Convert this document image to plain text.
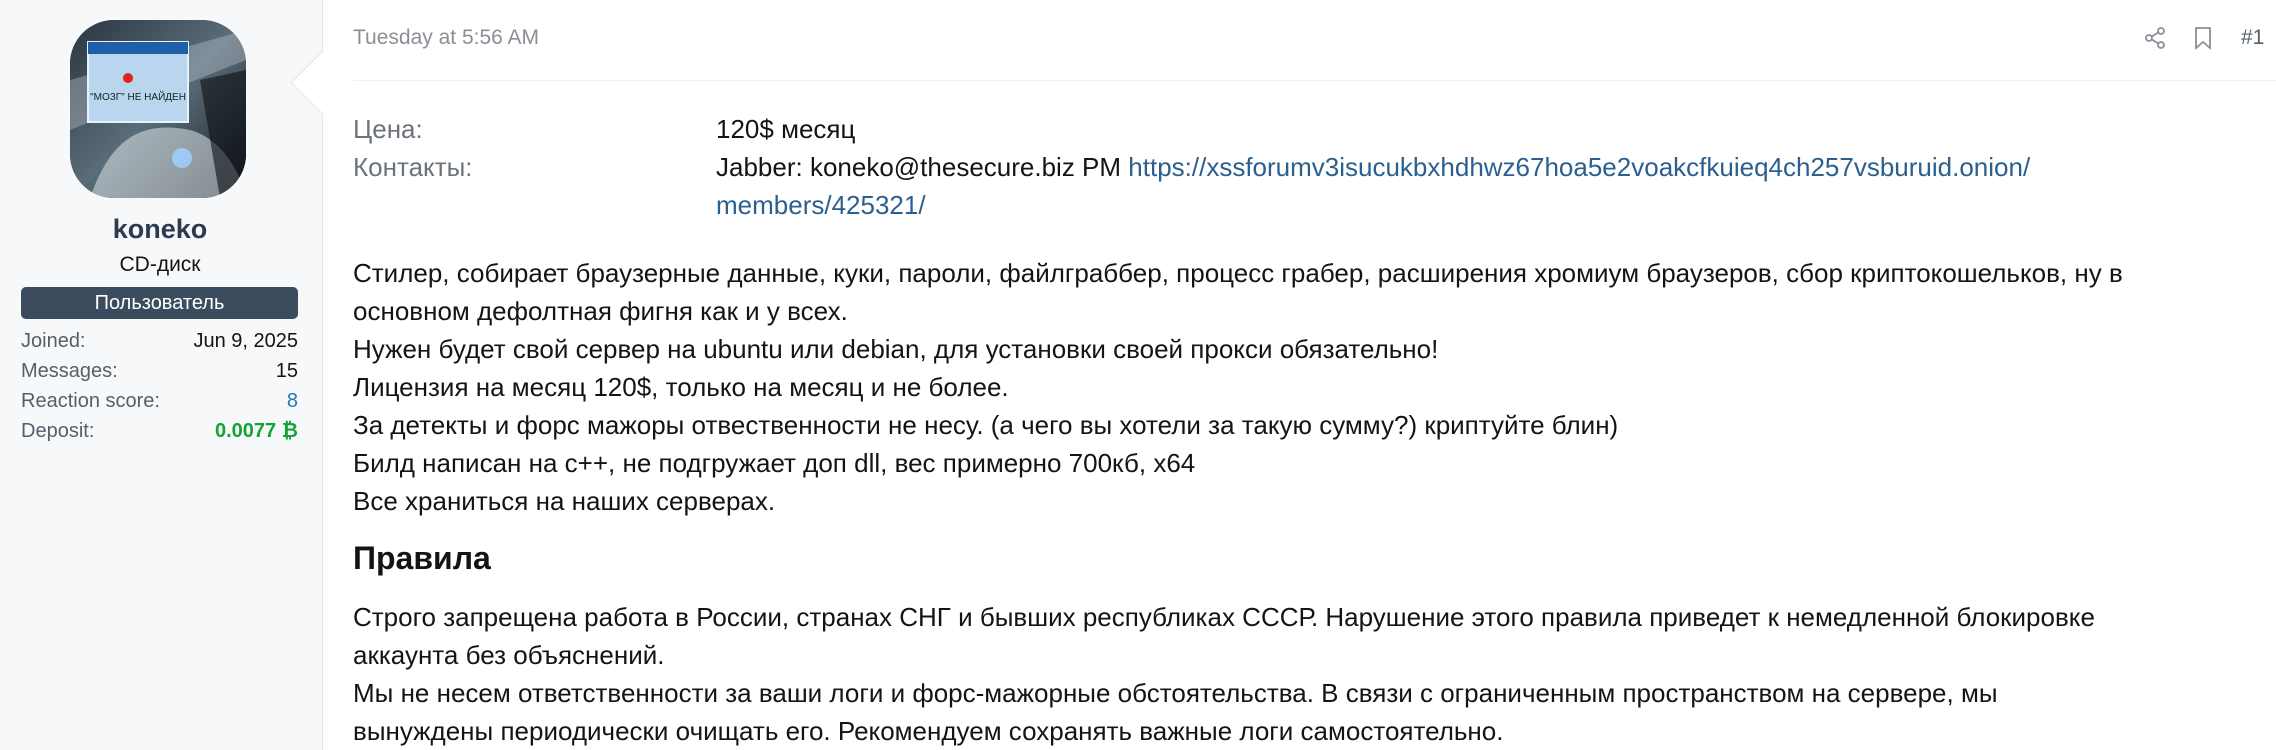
"МОЗГ" НЕ НАЙДЕН
koneko
CD-диск
Пользователь
Joined:	Jun 9, 2025
Messages:	15
Reaction score:	8
Deposit:	0.0077 ₿
Tuesday at 5:56 AM	#1
Цена:	120$ месяц
Контакты:	Jabber: koneko@thesecure.biz PM https://xssforumv3isucukbxhdhwz67hoa5e2voakcfkuieq4ch257vsburuid.onion/
members/425321/
Стилер, собирает браузерные данные, куки, пароли, файлграббер, процесс грабер, расширения хромиум браузеров, сбор криптокошельков, ну в
основном дефолтная фигня как и у всех.
Нужен будет свой сервер на ubuntu или debian, для установки своей прокси обязательно!
Лицензия на месяц 120$, только на месяц и не более.
За детекты и форс мажоры отвественности не несу. (а чего вы хотели за такую сумму?) криптуйте блин)
Билд написан на c++, не подгружает доп dll, вес примерно 700кб, x64
Все храниться на наших серверах.
Правила
Строго запрещена работа в России, странах СНГ и бывших республиках СССР. Нарушение этого правила приведет к немедленной блокировке
аккаунта без объяснений.
Мы не несем ответственности за ваши логи и форс-мажорные обстоятельства. В связи с ограниченным пространством на сервере, мы
вынуждены периодически очищать его. Рекомендуем сохранять важные логи самостоятельно.
